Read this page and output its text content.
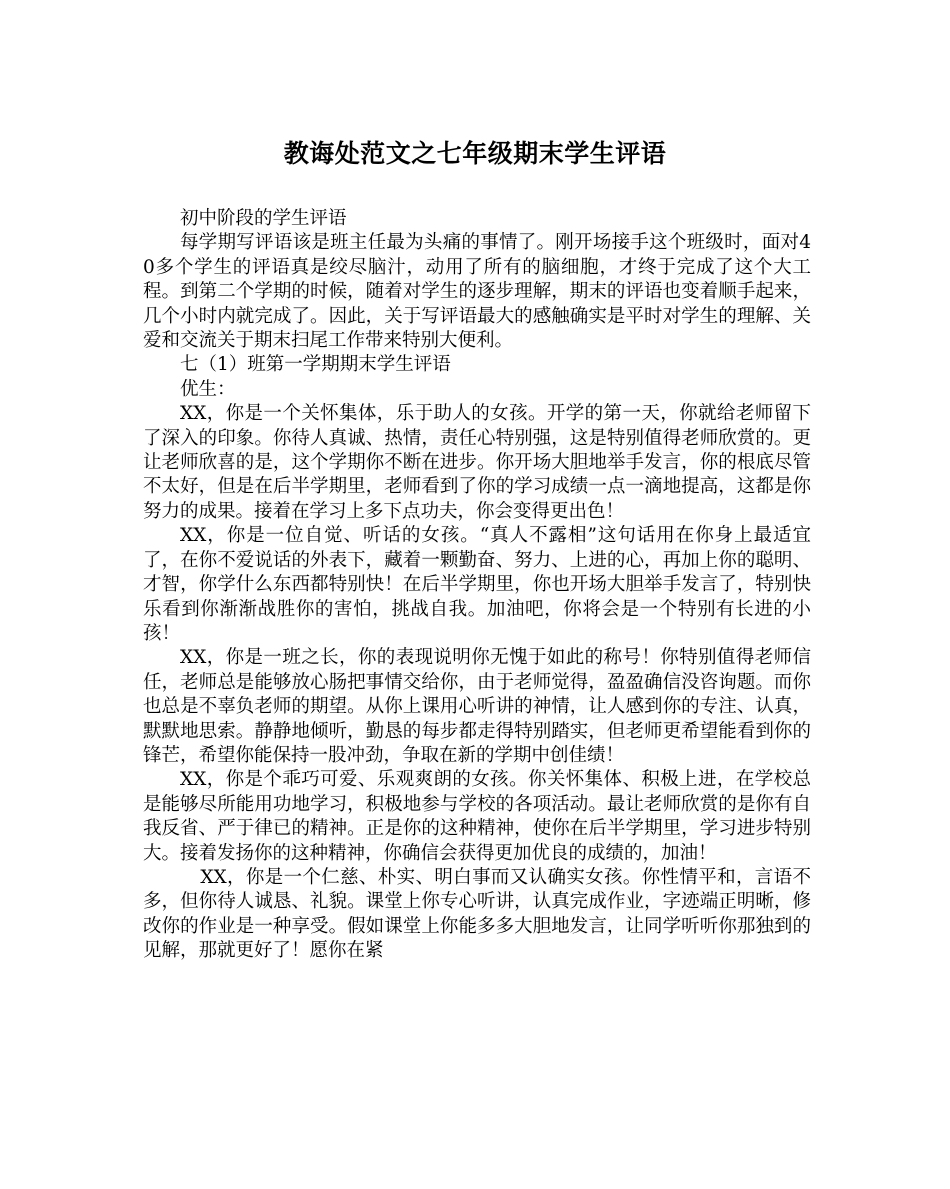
教诲处范文之七年级期末学生评语

初中阶段的学生评语

每学期写评语该是班主任最为头痛的事情了。刚开场接手这个班级时，面对40多个学生的评语真是绞尽脑汁，动用了所有的脑细胞，才终于完成了这个大工程。到第二个学期的时候，随着对学生的逐步理解，期末的评语也变着顺手起来，几个小时内就完成了。因此，关于写评语最大的感触确实是平时对学生的理解、关爱和交流关于期末扫尾工作带来特别大便利。

七（1）班第一学期期末学生评语

优生：

XX，你是一个关怀集体，乐于助人的女孩。开学的第一天，你就给老师留下了深入的印象。你待人真诚、热情，责任心特别强，这是特别值得老师欣赏的。更让老师欣喜的是，这个学期你不断在进步。你开场大胆地举手发言，你的根底尽管不太好，但是在后半学期里，老师看到了你的学习成绩一点一滴地提高，这都是你努力的成果。接着在学习上多下点功夫，你会变得更出色！

XX，你是一位自觉、听话的女孩。“真人不露相”这句话用在你身上最适宜了，在你不爱说话的外表下，藏着一颗勤奋、努力、上进的心，再加上你的聪明、才智，你学什么东西都特别快！在后半学期里，你也开场大胆举手发言了，特别快乐看到你渐渐战胜你的害怕，挑战自我。加油吧，你将会是一个特别有长进的小孩！

XX，你是一班之长，你的表现说明你无愧于如此的称号！你特别值得老师信任，老师总是能够放心肠把事情交给你，由于老师觉得，盈盈确信没咨询题。而你也总是不辜负老师的期望。从你上课用心听讲的神情，让人感到你的专注、认真，默默地思索。静静地倾听，勤恳的每步都走得特别踏实，但老师更希望能看到你的锋芒，希望你能保持一股冲劲，争取在新的学期中创佳绩！

XX，你是个乖巧可爱、乐观爽朗的女孩。你关怀集体、积极上进，在学校总是能够尽所能用功地学习，积极地参与学校的各项活动。最让老师欣赏的是你有自我反省、严于律已的精神。正是你的这种精神，使你在后半学期里，学习进步特别大。接着发扬你的这种精神，你确信会获得更加优良的成绩的，加油！

XX，你是一个仁慈、朴实、明白事而又认确实女孩。你性情平和，言语不多，但你待人诚恳、礼貌。课堂上你专心听讲，认真完成作业，字迹端正明晰，修改你的作业是一种享受。假如课堂上你能多多大胆地发言，让同学听听你那独到的见解，那就更好了！愿你在紧
